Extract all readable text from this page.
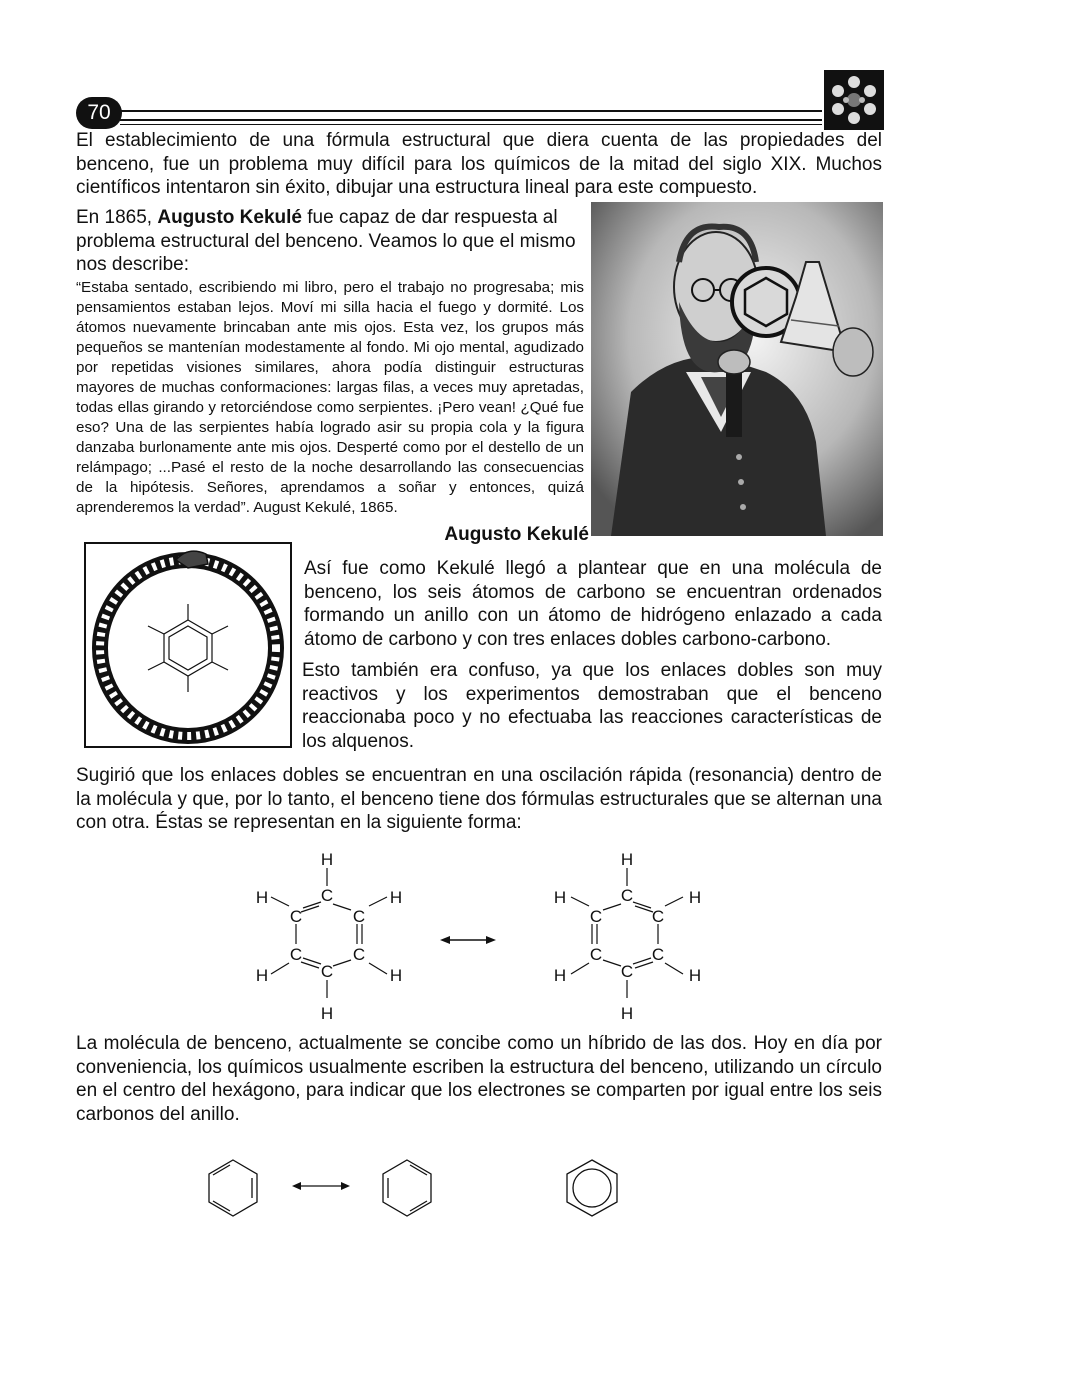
70

El establecimiento de una fórmula estructural que diera cuenta de las propiedades del benceno, fue un problema muy difícil para los químicos de la mitad del siglo XIX. Muchos científicos intentaron sin éxito, dibujar una estructura lineal para este compuesto.

En 1865, Augusto Kekulé fue capaz de dar respuesta al problema estructural del benceno. Veamos lo que el mismo nos describe:

“Estaba sentado, escribiendo mi libro, pero el trabajo no progresaba; mis pensamientos estaban lejos. Moví mi silla hacia el fuego y dormité. Los átomos nuevamente brincaban ante mis ojos. Esta vez, los grupos más pequeños se mantenían modestamente al fondo. Mi ojo mental, agudizado por repetidas visiones similares, ahora podía distinguir estructuras mayores de muchas conformaciones: largas filas, a veces muy apretadas, todas ellas girando y retorciéndose como serpientes. ¡Pero vean! ¿Qué fue eso? Una de las serpientes había logrado asir su propia cola y la figura danzaba burlonamente ante mis ojos. Desperté como por el destello de un relámpago; ...Pasé el resto de la noche desarrollando las consecuencias de la hipótesis. Señores, aprendamos a soñar y entonces, quizá aprenderemos la verdad”. August Kekulé, 1865.

Augusto Kekulé

Así fue como Kekulé llegó a plantear que en una molécula de benceno, los seis átomos de carbono se encuentran ordenados formando un anillo con un átomo de hidrógeno enlazado a cada átomo de carbono y con tres enlaces dobles carbono-carbono.

Esto también era confuso, ya que los enlaces dobles son muy reactivos y los experimentos demostraban que el benceno reaccionaba poco y no efectuaba las reacciones características de los alquenos.

Sugirió que los enlaces dobles se encuentran en una oscilación rápida (resonancia) dentro de la molécula y que, por lo tanto, el benceno tiene dos fórmulas estructurales que se alternan una con otra. Éstas se representan en la siguiente forma:

H
C
C	C
C	C
C
H	H
H	H
H
H
C
C	C
C	C
C
H	H
H	H
H

La molécula de benceno, actualmente se concibe como un híbrido de las dos. Hoy en día por conveniencia, los químicos usualmente escriben la estructura del benceno, utilizando un círculo en el centro del hexágono, para indicar que los electrones se comparten por igual entre los seis carbonos del anillo.
